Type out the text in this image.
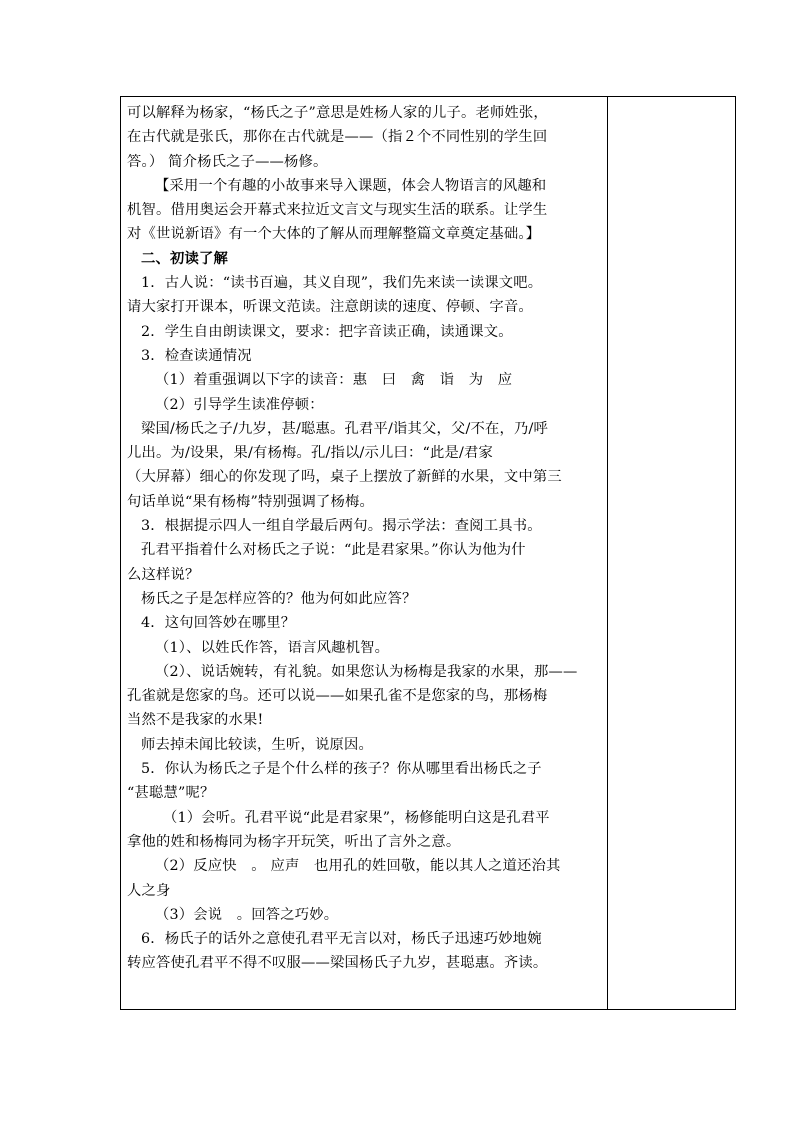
可以解释为杨家，“杨氏之子”意思是姓杨人家的儿子。老师姓张，
在古代就是张氏，那你在古代就是——（指２个不同性别的学生回
答。） 简介杨氏之子——杨修。
【采用一个有趣的小故事来导入课题，体会人物语言的风趣和
机智。借用奥运会开幕式来拉近文言文与现实生活的联系。让学生
对《世说新语》有一个大体的了解从而理解整篇文章奠定基础。】
二、初读了解
1．古人说：“读书百遍，其义自现”，我们先来读一读课文吧。
请大家打开课本，听课文范读。注意朗读的速度、停顿、字音。
2．学生自由朗读课文，要求：把字音读正确，读通课文。
3．检查读通情况
（1）着重强调以下字的读音：惠　曰　禽　诣　为　应
（2）引导学生读准停顿：
梁国/杨氏之子/九岁，甚/聪惠。孔君平/诣其父，父/不在，乃/呼
儿出。为/设果，果/有杨梅。孔/指以/示儿曰：“此是/君家
（大屏幕）细心的你发现了吗，桌子上摆放了新鲜的水果，文中第三
句话单说“果有杨梅”特别强调了杨梅。
3．根据提示四人一组自学最后两句。揭示学法：查阅工具书。
孔君平指着什么对杨氏之子说：“此是君家果。”你认为他为什
么这样说？
杨氏之子是怎样应答的？他为何如此应答？
4．这句回答妙在哪里？
（1）、以姓氏作答，语言风趣机智。
（2）、说话婉转，有礼貌。如果您认为杨梅是我家的水果，那——
孔雀就是您家的鸟。还可以说——如果孔雀不是您家的鸟，那杨梅
当然不是我家的水果!
师去掉未闻比较读，生听，说原因。
5．你认为杨氏之子是个什么样的孩子？你从哪里看出杨氏之子
“甚聪慧”呢？
（1）会听。孔君平说“此是君家果”，杨修能明白这是孔君平
拿他的姓和杨梅同为杨字开玩笑，听出了言外之意。
（2）反应快　。 应声　也用孔的姓回敬，能以其人之道还治其
人之身
（3）会说　。回答之巧妙。
6．杨氏子的话外之意使孔君平无言以对，杨氏子迅速巧妙地婉
转应答使孔君平不得不叹服——梁国杨氏子九岁，甚聪惠。齐读。
